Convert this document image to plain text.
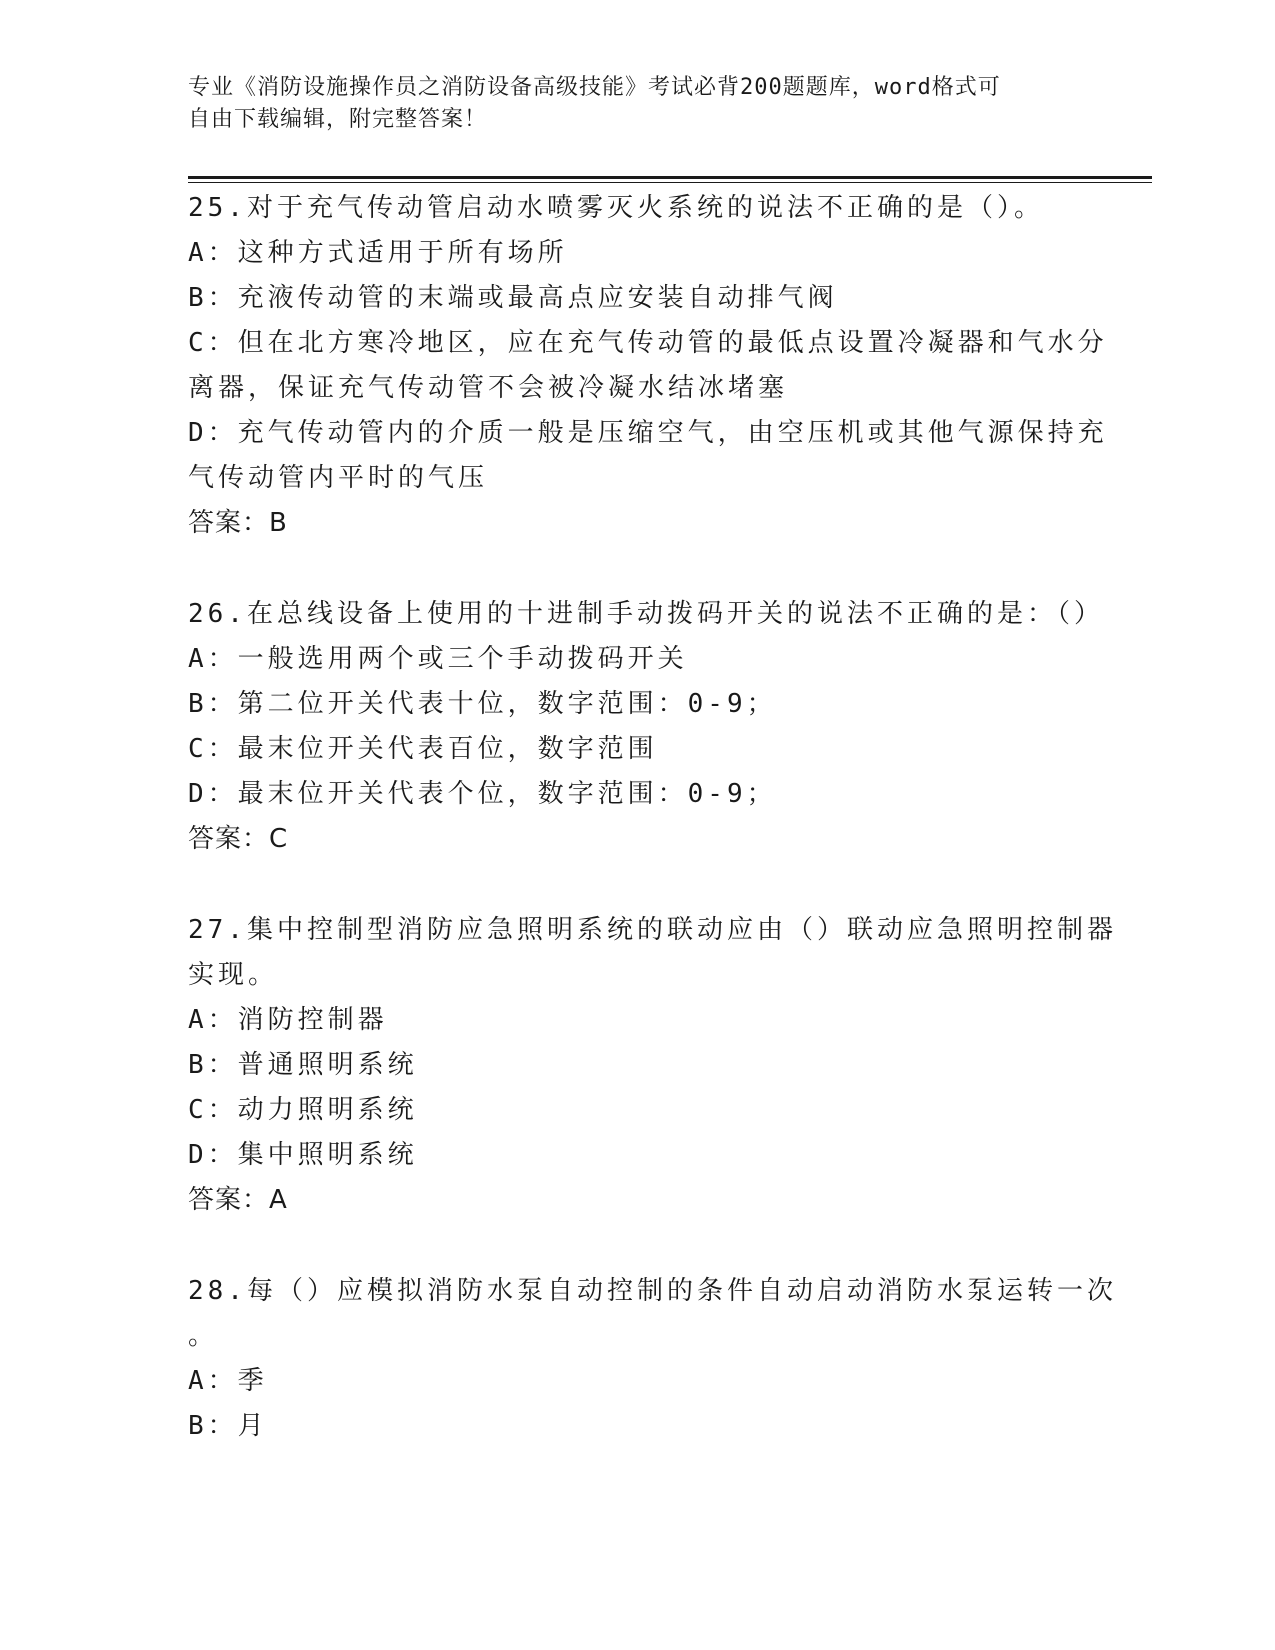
专业《消防设施操作员之消防设备高级技能》考试必背200题题库，word格式可
自由下载编辑，附完整答案！
25.对于充气传动管启动水喷雾灭火系统的说法不正确的是（）。
A：这种方式适用于所有场所
B：充液传动管的末端或最高点应安装自动排气阀
C：但在北方寒冷地区，应在充气传动管的最低点设置冷凝器和气水分
离器，保证充气传动管不会被冷凝水结冰堵塞
D：充气传动管内的介质一般是压缩空气，由空压机或其他气源保持充
气传动管内平时的气压
答案：B
26.在总线设备上使用的十进制手动拨码开关的说法不正确的是：（）
A：一般选用两个或三个手动拨码开关
B：第二位开关代表十位，数字范围：0-9；
C：最末位开关代表百位，数字范围
D：最末位开关代表个位，数字范围：0-9；
答案：C
27.集中控制型消防应急照明系统的联动应由（）联动应急照明控制器
实现。
A：消防控制器
B：普通照明系统
C：动力照明系统
D：集中照明系统
答案：A
28.每（）应模拟消防水泵自动控制的条件自动启动消防水泵运转一次
。
A：季
B：月
